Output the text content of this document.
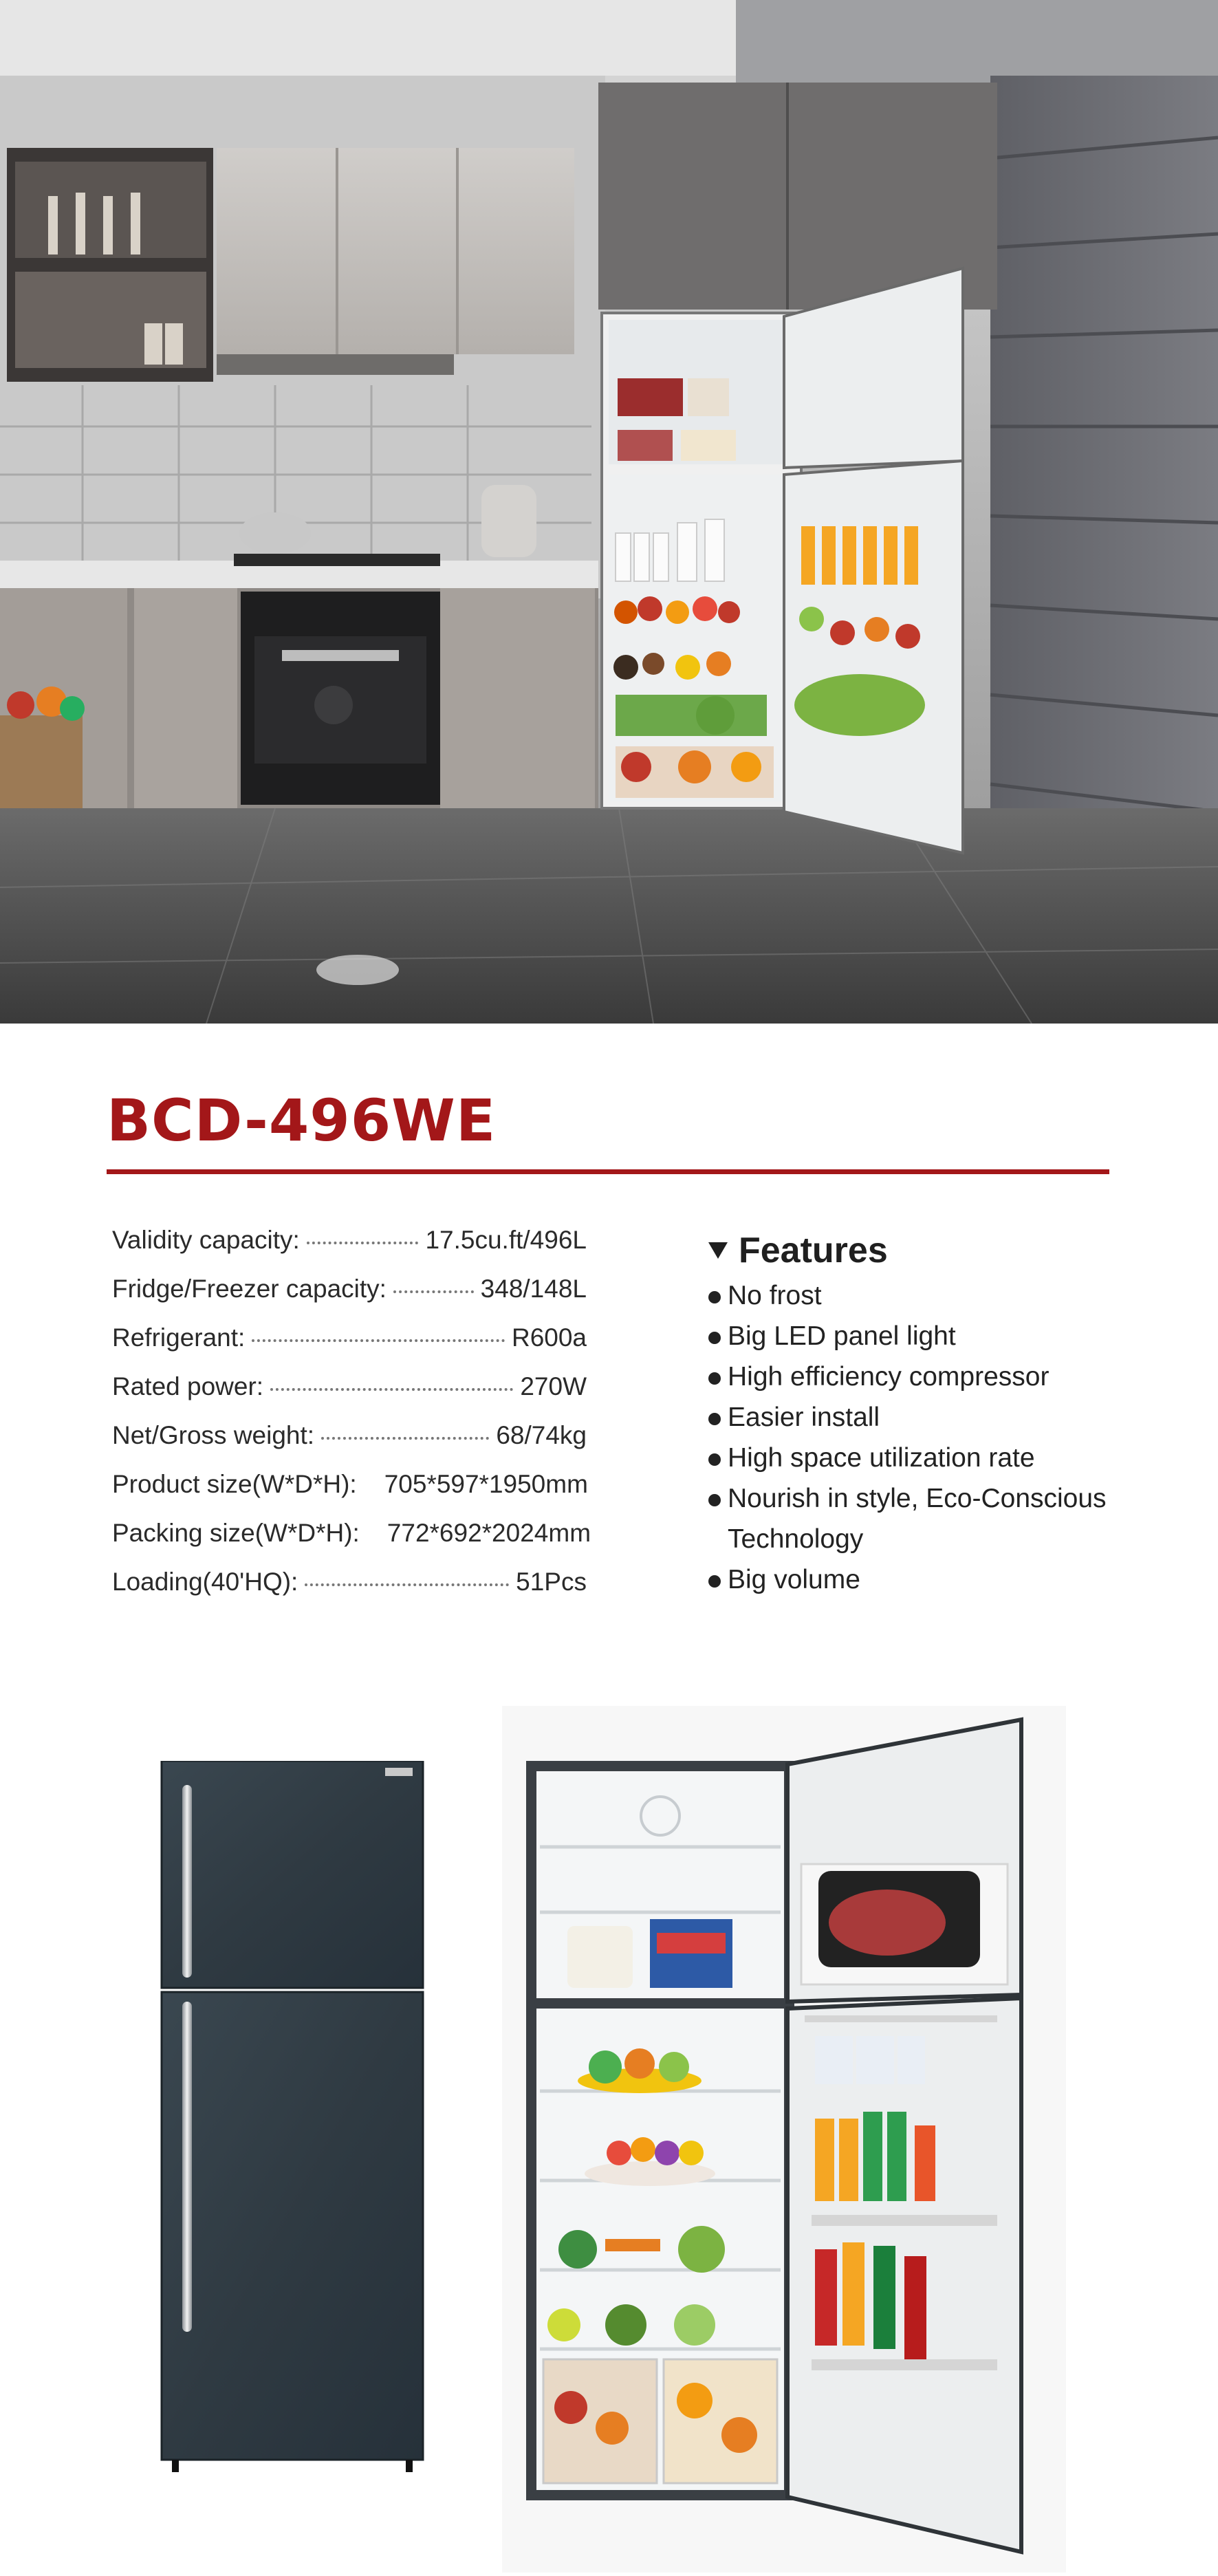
BCD-496WE
Validity capacity:	17.5cu.ft/496L
Fridge/Freezer capacity:	348/148L
Refrigerant:	R600a
Rated power:	270W
Net/Gross weight:	68/74kg
Product size(W*D*H): 705*597*1950mm
Packing size(W*D*H): 772*692*2024mm
Loading(40'HQ):	51Pcs
Features
No frost
Big LED panel light
High efficiency compressor
Easier install
High space utilization rate
Nourish in style, Eco-Conscious Technology
Big volume
